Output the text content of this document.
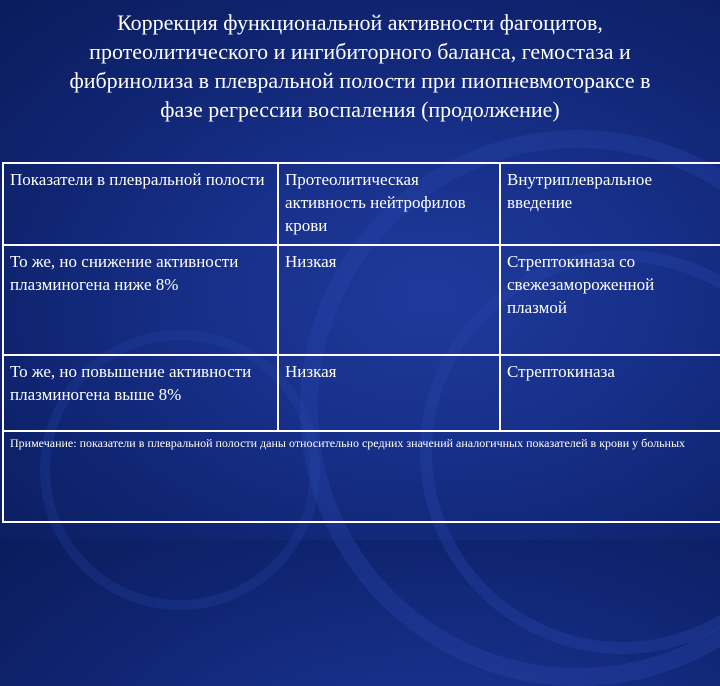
Коррекция функциональной активности фагоцитов,
протеолитического и ингибиторного баланса, гемостаза и
фибринолиза в плевральной полости при пиопневмотораксе в
фазе регрессии воспаления (продолжение)
Показатели в плевральной полости	Протеолитическая активность нейтрофилов крови	Внутриплевральное введение
То же, но снижение активности плазминогена ниже 8%	Низкая	Стрептокиназа со свежезамороженной плазмой
То же, но повышение активности плазминогена выше 8%	Низкая	Стрептокиназа
Примечание: показатели в плевральной полости даны относительно средних значений аналогичных показателей в крови у больных		
